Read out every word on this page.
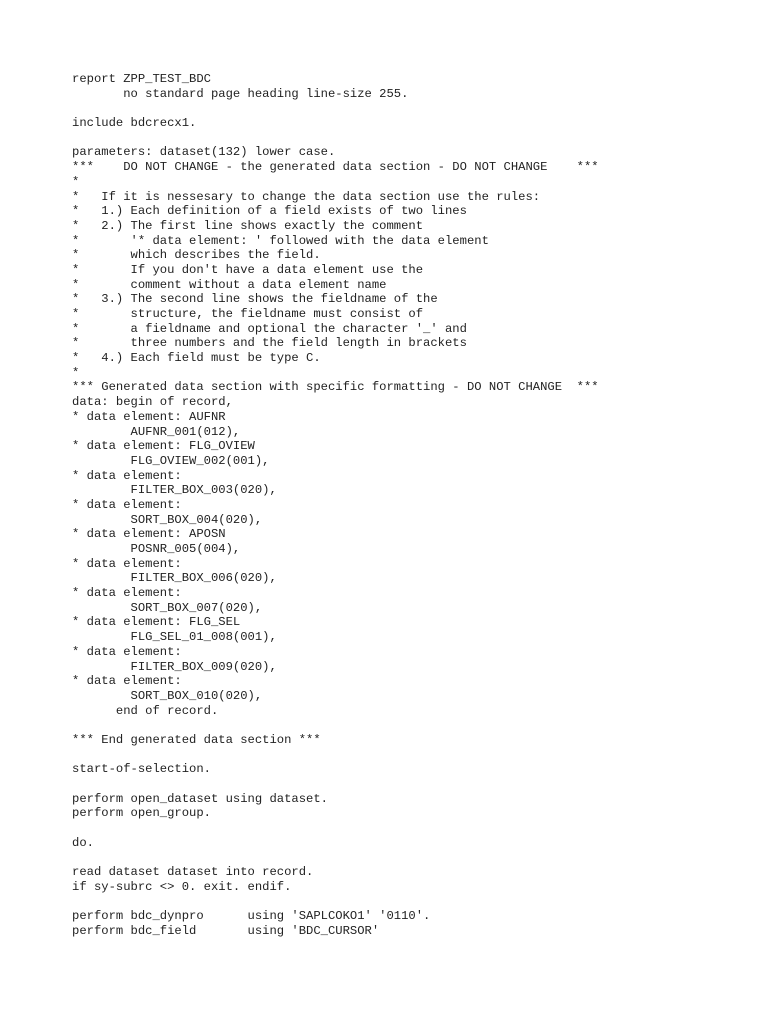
report ZPP_TEST_BDC
no standard page heading line-size 255.
include bdcrecx1.
parameters: dataset(132) lower case.
***    DO NOT CHANGE - the generated data section - DO NOT CHANGE    ***
*
*   If it is nessesary to change the data section use the rules:
*   1.) Each definition of a field exists of two lines
*   2.) The first line shows exactly the comment
*       '* data element: ' followed with the data element
*       which describes the field.
*       If you don't have a data element use the
*       comment without a data element name
*   3.) The second line shows the fieldname of the
*       structure, the fieldname must consist of
*       a fieldname and optional the character '_' and
*       three numbers and the field length in brackets
*   4.) Each field must be type C.
*
*** Generated data section with specific formatting - DO NOT CHANGE  ***
data: begin of record,
* data element: AUFNR
AUFNR_001(012),
* data element: FLG_OVIEW
FLG_OVIEW_002(001),
* data element:
FILTER_BOX_003(020),
* data element:
SORT_BOX_004(020),
* data element: APOSN
POSNR_005(004),
* data element:
FILTER_BOX_006(020),
* data element:
SORT_BOX_007(020),
* data element: FLG_SEL
FLG_SEL_01_008(001),
* data element:
FILTER_BOX_009(020),
* data element:
SORT_BOX_010(020),
end of record.
*** End generated data section ***
start-of-selection.
perform open_dataset using dataset.
perform open_group.
do.
read dataset dataset into record.
if sy-subrc <> 0. exit. endif.
perform bdc_dynpro      using 'SAPLCOKO1' '0110'.
perform bdc_field       using 'BDC_CURSOR'
